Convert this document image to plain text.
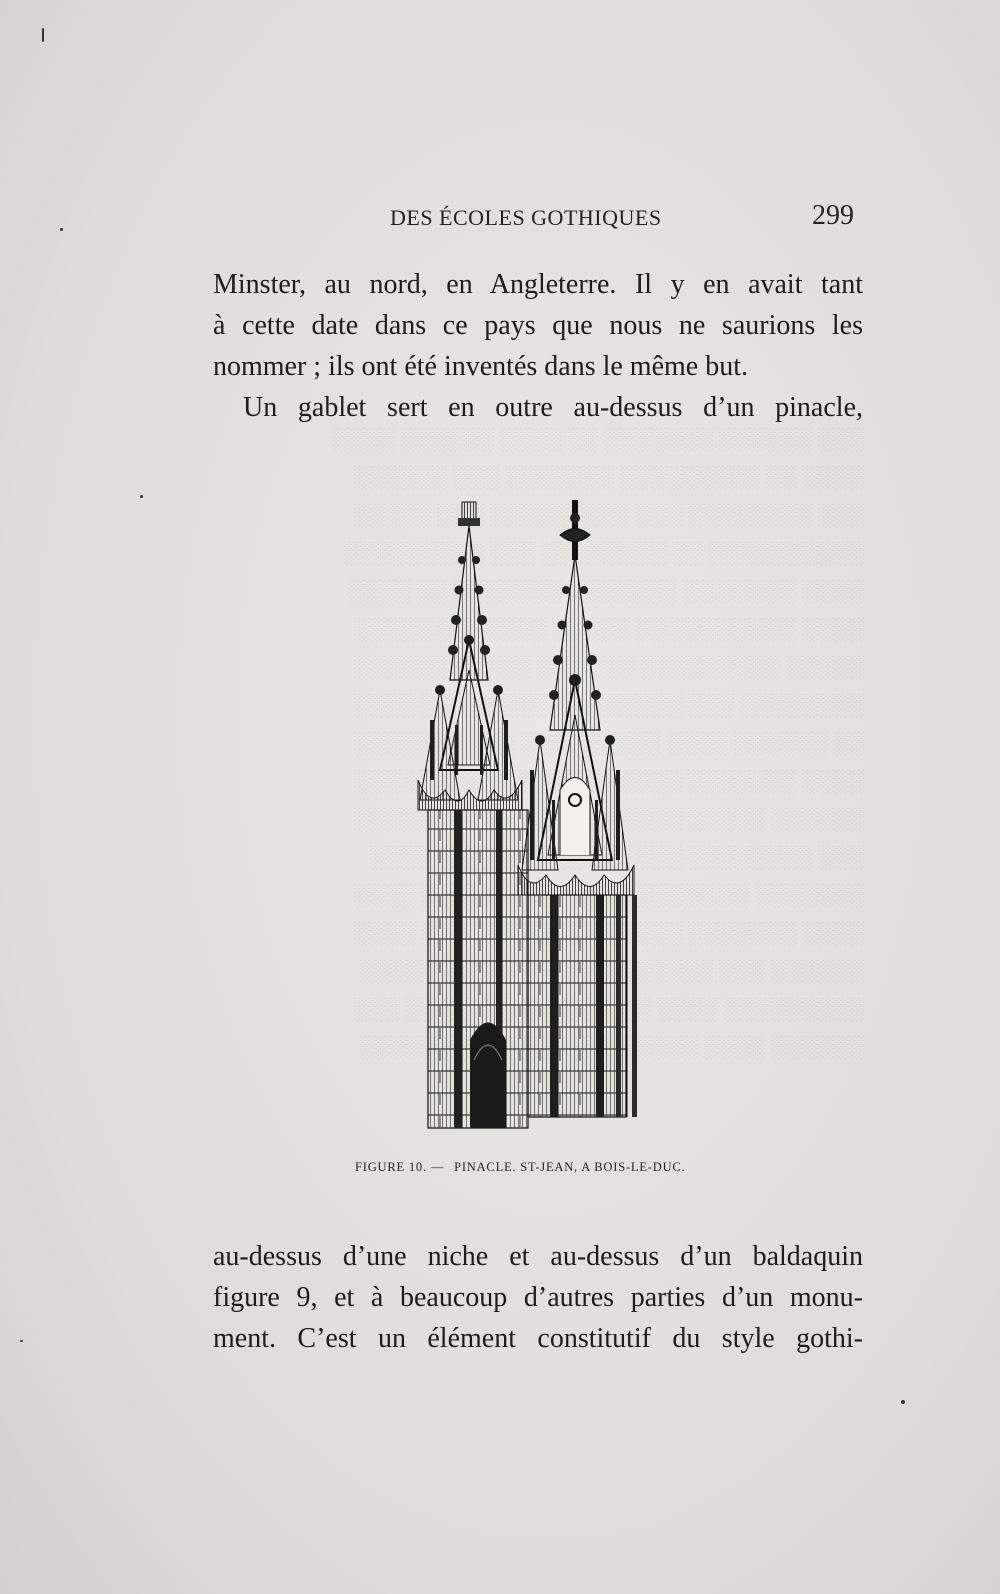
░░░ ░░░░░░ ░░░░░░░ ░░ ░░░░ ░░░░░░ ░░░░
░░░░ ░░ ░░░░░░░░░ ░░░░░░░ ░░░ ░░░░░░
░░░ ░░░░░░░░ ░░░ ░░░░░░░░░ ░░░ ░░░░░
░░░░░░░░░░ ░░ ░░░░░░░░ ░░░ ░░░░░░░░░
░░░░ ░░░░░ ░░ ░░░░░░░ ░░░░░░░ ░░ ░░░░
░░░░ ░░░░░░░░ ░░ ░░░░░ ░░░░░░░ ░░░░░
░░░░░ ░░░░░░░░░ ░░░ ░░░ ░░░░░ ░░░░░░
░░░░░░░░ ░░░ ░░░░░░ ░░░░░░░░ ░░ ░░░░
░░ ░░░░░░ ░░░░ ░░░░░░░░░ ░░░░░░░
░░░░ ░░░░░░░ ░░░░ ░░░░░░░░ ░░░
░░░░░░ ░░░░░ ░░░░ ░░░░░░░░
░░░ ░░░░░░░░ ░░░ ░░░░░ ░░░░
░░░░░░░ ░░ ░░░░░░░░░ ░░░░
░░░░ ░░░░░░░ ░░░░░ ░░░░
░░░░░░ ░░░ ░░░░░░░
░░░░░░░░░ ░░░░ ░░░
░░░░░░ ░░░░
DES ÉCOLES GOTHIQUES	299
Minster, au nord, en Angleterre. Il y en avait tant
à cette date dans ce pays que nous ne saurions les
nommer ; ils ont été inventés dans le même but.
Un gablet sert en outre au-dessus d’un pinacle,
FIGURE 10. — PINACLE. ST-JEAN, A BOIS-LE-DUC.
au-dessus d’une niche et au-dessus d’un baldaquin
figure 9, et à beaucoup d’autres parties d’un monu-
ment. C’est un élément constitutif du style gothi-
